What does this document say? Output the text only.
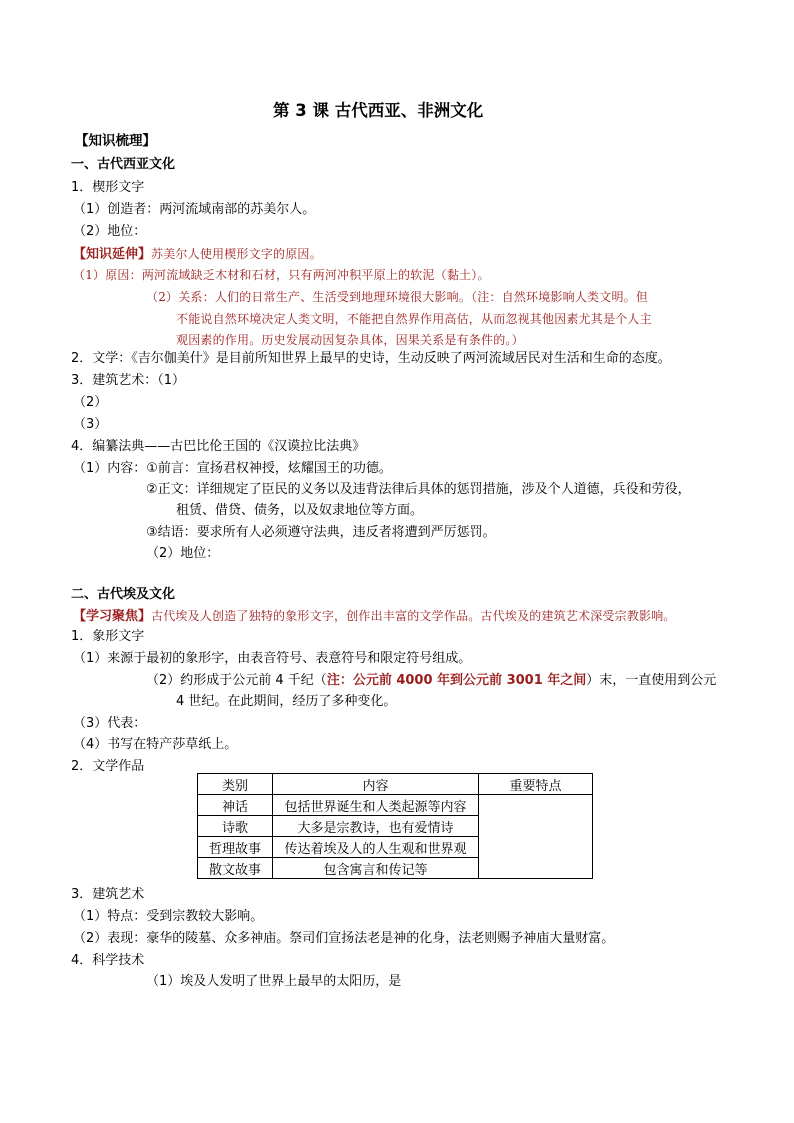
第 3 课 古代西亚、非洲文化
【知识梳理】
一、古代西亚文化
1．楔形文字
（1）创造者：两河流域南部的苏美尔人。
（2）地位：
【知识延伸】苏美尔人使用楔形文字的原因。
（1）原因：两河流域缺乏木材和石材，只有两河冲积平原上的软泥（黏土）。
（2）关系：人们的日常生产、生活受到地理环境很大影响。（注：自然环境影响人类文明。但
不能说自然环境决定人类文明，不能把自然界作用高估，从而忽视其他因素尤其是个人主
观因素的作用。历史发展动因复杂具体，因果关系是有条件的。）
2．文学：《吉尔伽美什》是目前所知世界上最早的史诗，生动反映了两河流域居民对生活和生命的态度。
3．建筑艺术：（1）
（2）
（3）
4．编纂法典——古巴比伦王国的《汉谟拉比法典》
（1）内容：①前言：宣扬君权神授，炫耀国王的功德。
②正文：详细规定了臣民的义务以及违背法律后具体的惩罚措施，涉及个人道德，兵役和劳役，
租赁、借贷、债务，以及奴隶地位等方面。
③结语：要求所有人必须遵守法典，违反者将遭到严厉惩罚。
（2）地位：
二、古代埃及文化
【学习聚焦】古代埃及人创造了独特的象形文字，创作出丰富的文学作品。古代埃及的建筑艺术深受宗教影响。
1．象形文字
（1）来源于最初的象形字，由表音符号、表意符号和限定符号组成。
（2）约形成于公元前 4 千纪（注：公元前 4000 年到公元前 3001 年之间）末，一直使用到公元
4 世纪。在此期间，经历了多种变化。
（3）代表：
（4）书写在特产莎草纸上。
2．文学作品
类别	内容	重要特点
神话	包括世界诞生和人类起源等内容	
诗歌	大多是宗教诗，也有爱情诗	
哲理故事	传达着埃及人的人生观和世界观	
散文故事	包含寓言和传记等	
3．建筑艺术
（1）特点：受到宗教较大影响。
（2）表现：豪华的陵墓、众多神庙。祭司们宣扬法老是神的化身，法老则赐予神庙大量财富。
4．科学技术
（1）埃及人发明了世界上最早的太阳历，是
